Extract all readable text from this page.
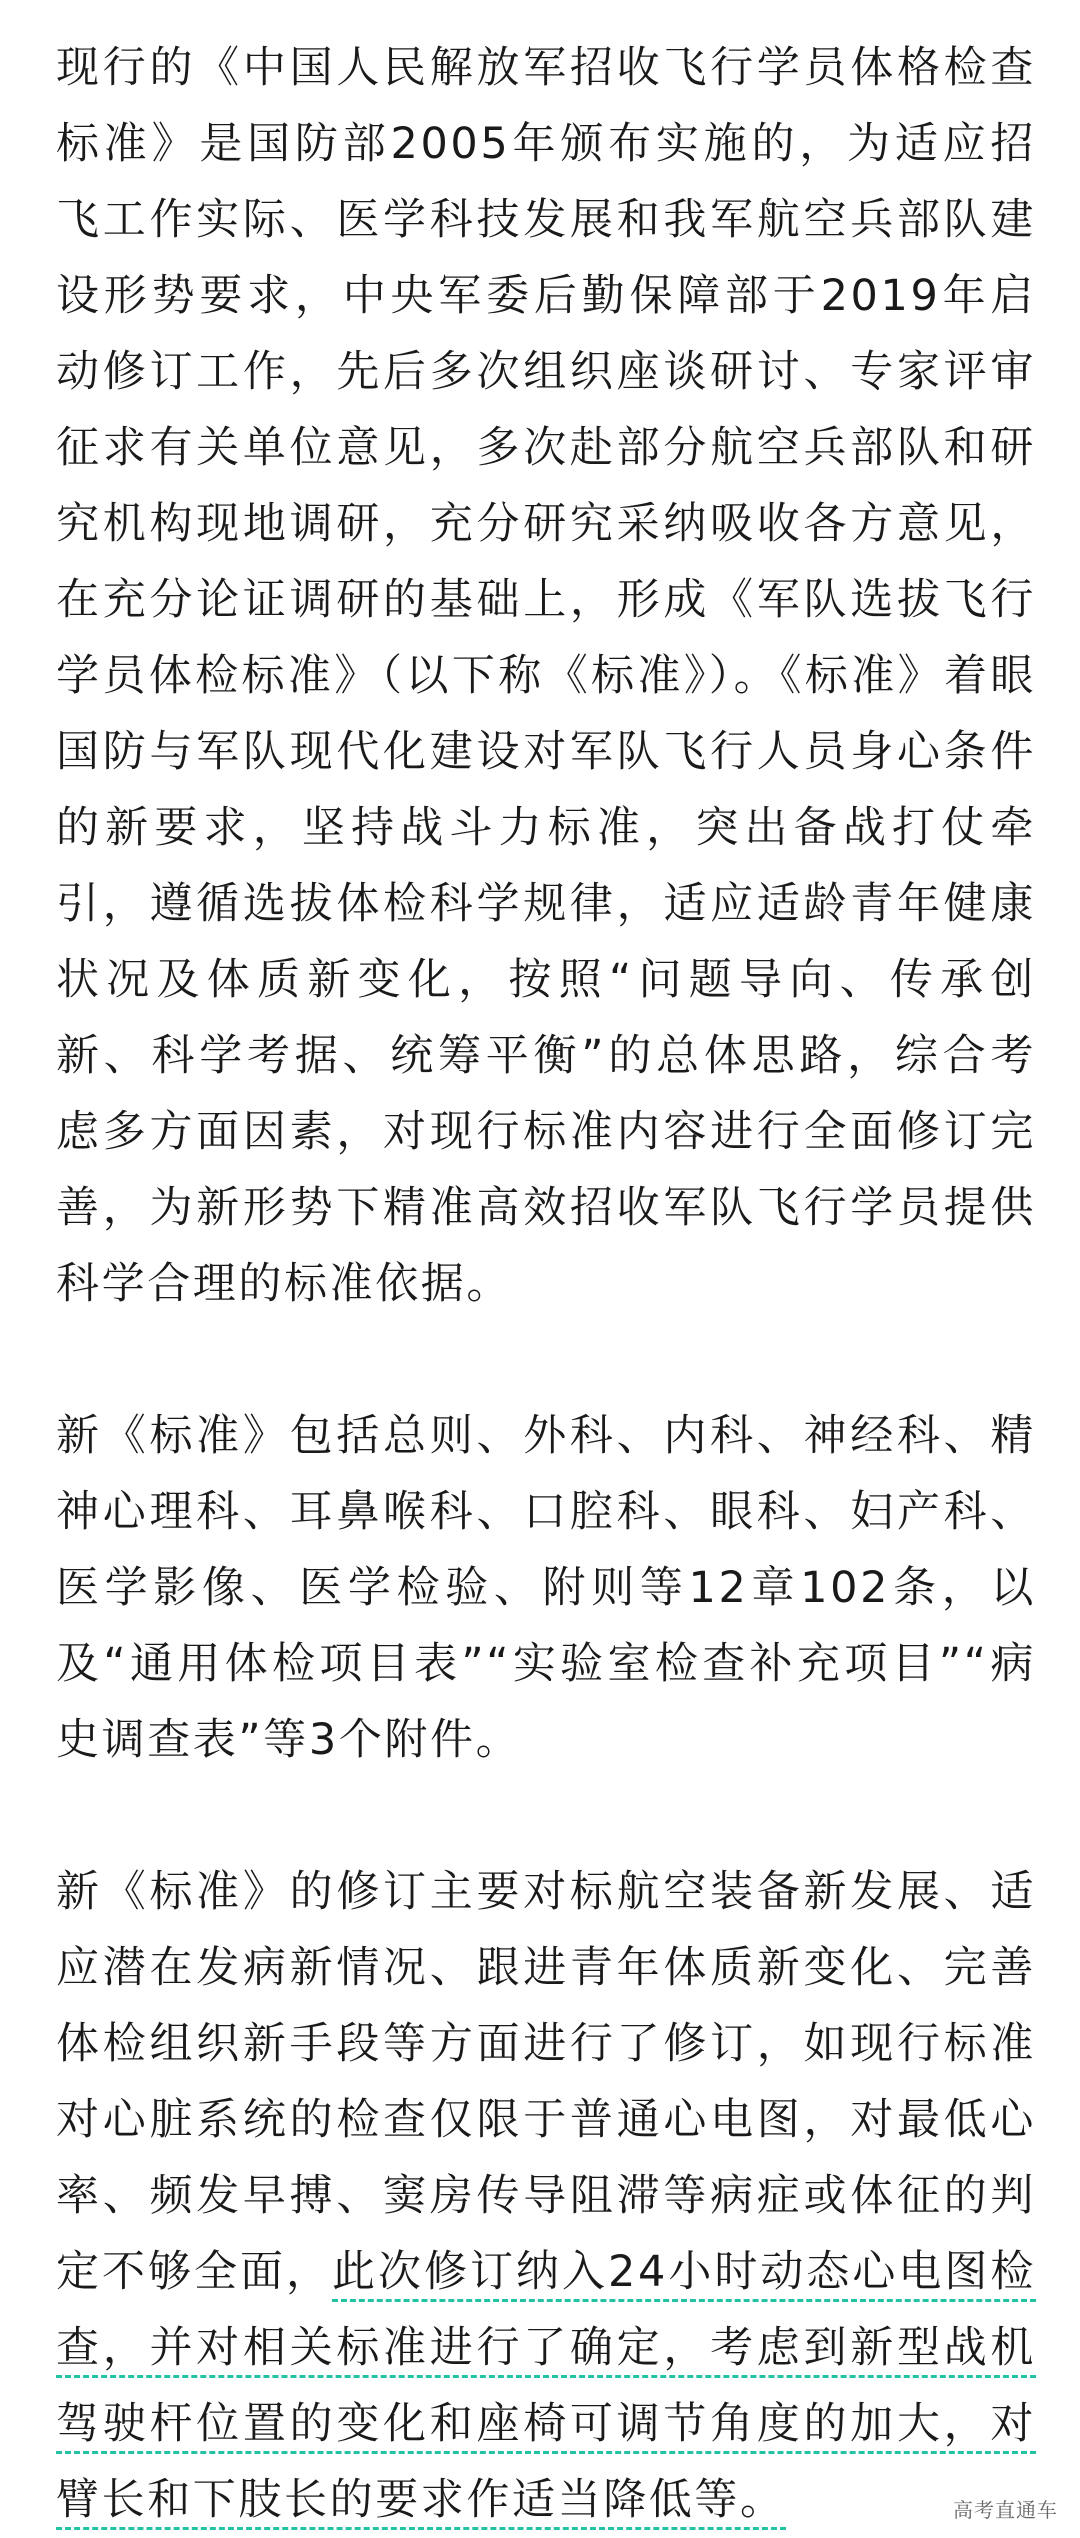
现行的《中国人民解放军招收飞行学员体格检查标准》是国防部2005年颁布实施的，为适应招飞工作实际、医学科技发展和我军航空兵部队建设形势要求，中央军委后勤保障部于2019年启动修订工作，先后多次组织座谈研讨、专家评审征求有关单位意见，多次赴部分航空兵部队和研究机构现地调研，充分研究采纳吸收各方意见，在充分论证调研的基础上，形成《军队选拔飞行学员体检标准》（以下称《标准》）。《标准》着眼国防与军队现代化建设对军队飞行人员身心条件的新要求，坚持战斗力标准，突出备战打仗牵引，遵循选拔体检科学规律，适应适龄青年健康状况及体质新变化，按照“问题导向、传承创新、科学考据、统筹平衡”的总体思路，综合考虑多方面因素，对现行标准内容进行全面修订完善，为新形势下精准高效招收军队飞行学员提供科学合理的标准依据。

新《标准》包括总则、外科、内科、神经科、精神心理科、耳鼻喉科、口腔科、眼科、妇产科、医学影像、医学检验、附则等12章102条，以及“通用体检项目表”“实验室检查补充项目”“病史调查表”等3个附件。

新《标准》的修订主要对标航空装备新发展、适应潜在发病新情况、跟进青年体质新变化、完善体检组织新手段等方面进行了修订，如现行标准对心脏系统的检查仅限于普通心电图，对最低心率、频发早搏、窦房传导阻滞等病症或体征的判定不够全面，此次修订纳入24小时动态心电图检查，并对相关标准进行了确定，考虑到新型战机驾驶杆位置的变化和座椅可调节角度的加大，对臂长和下肢长的要求作适当降低等。	高考直通车
